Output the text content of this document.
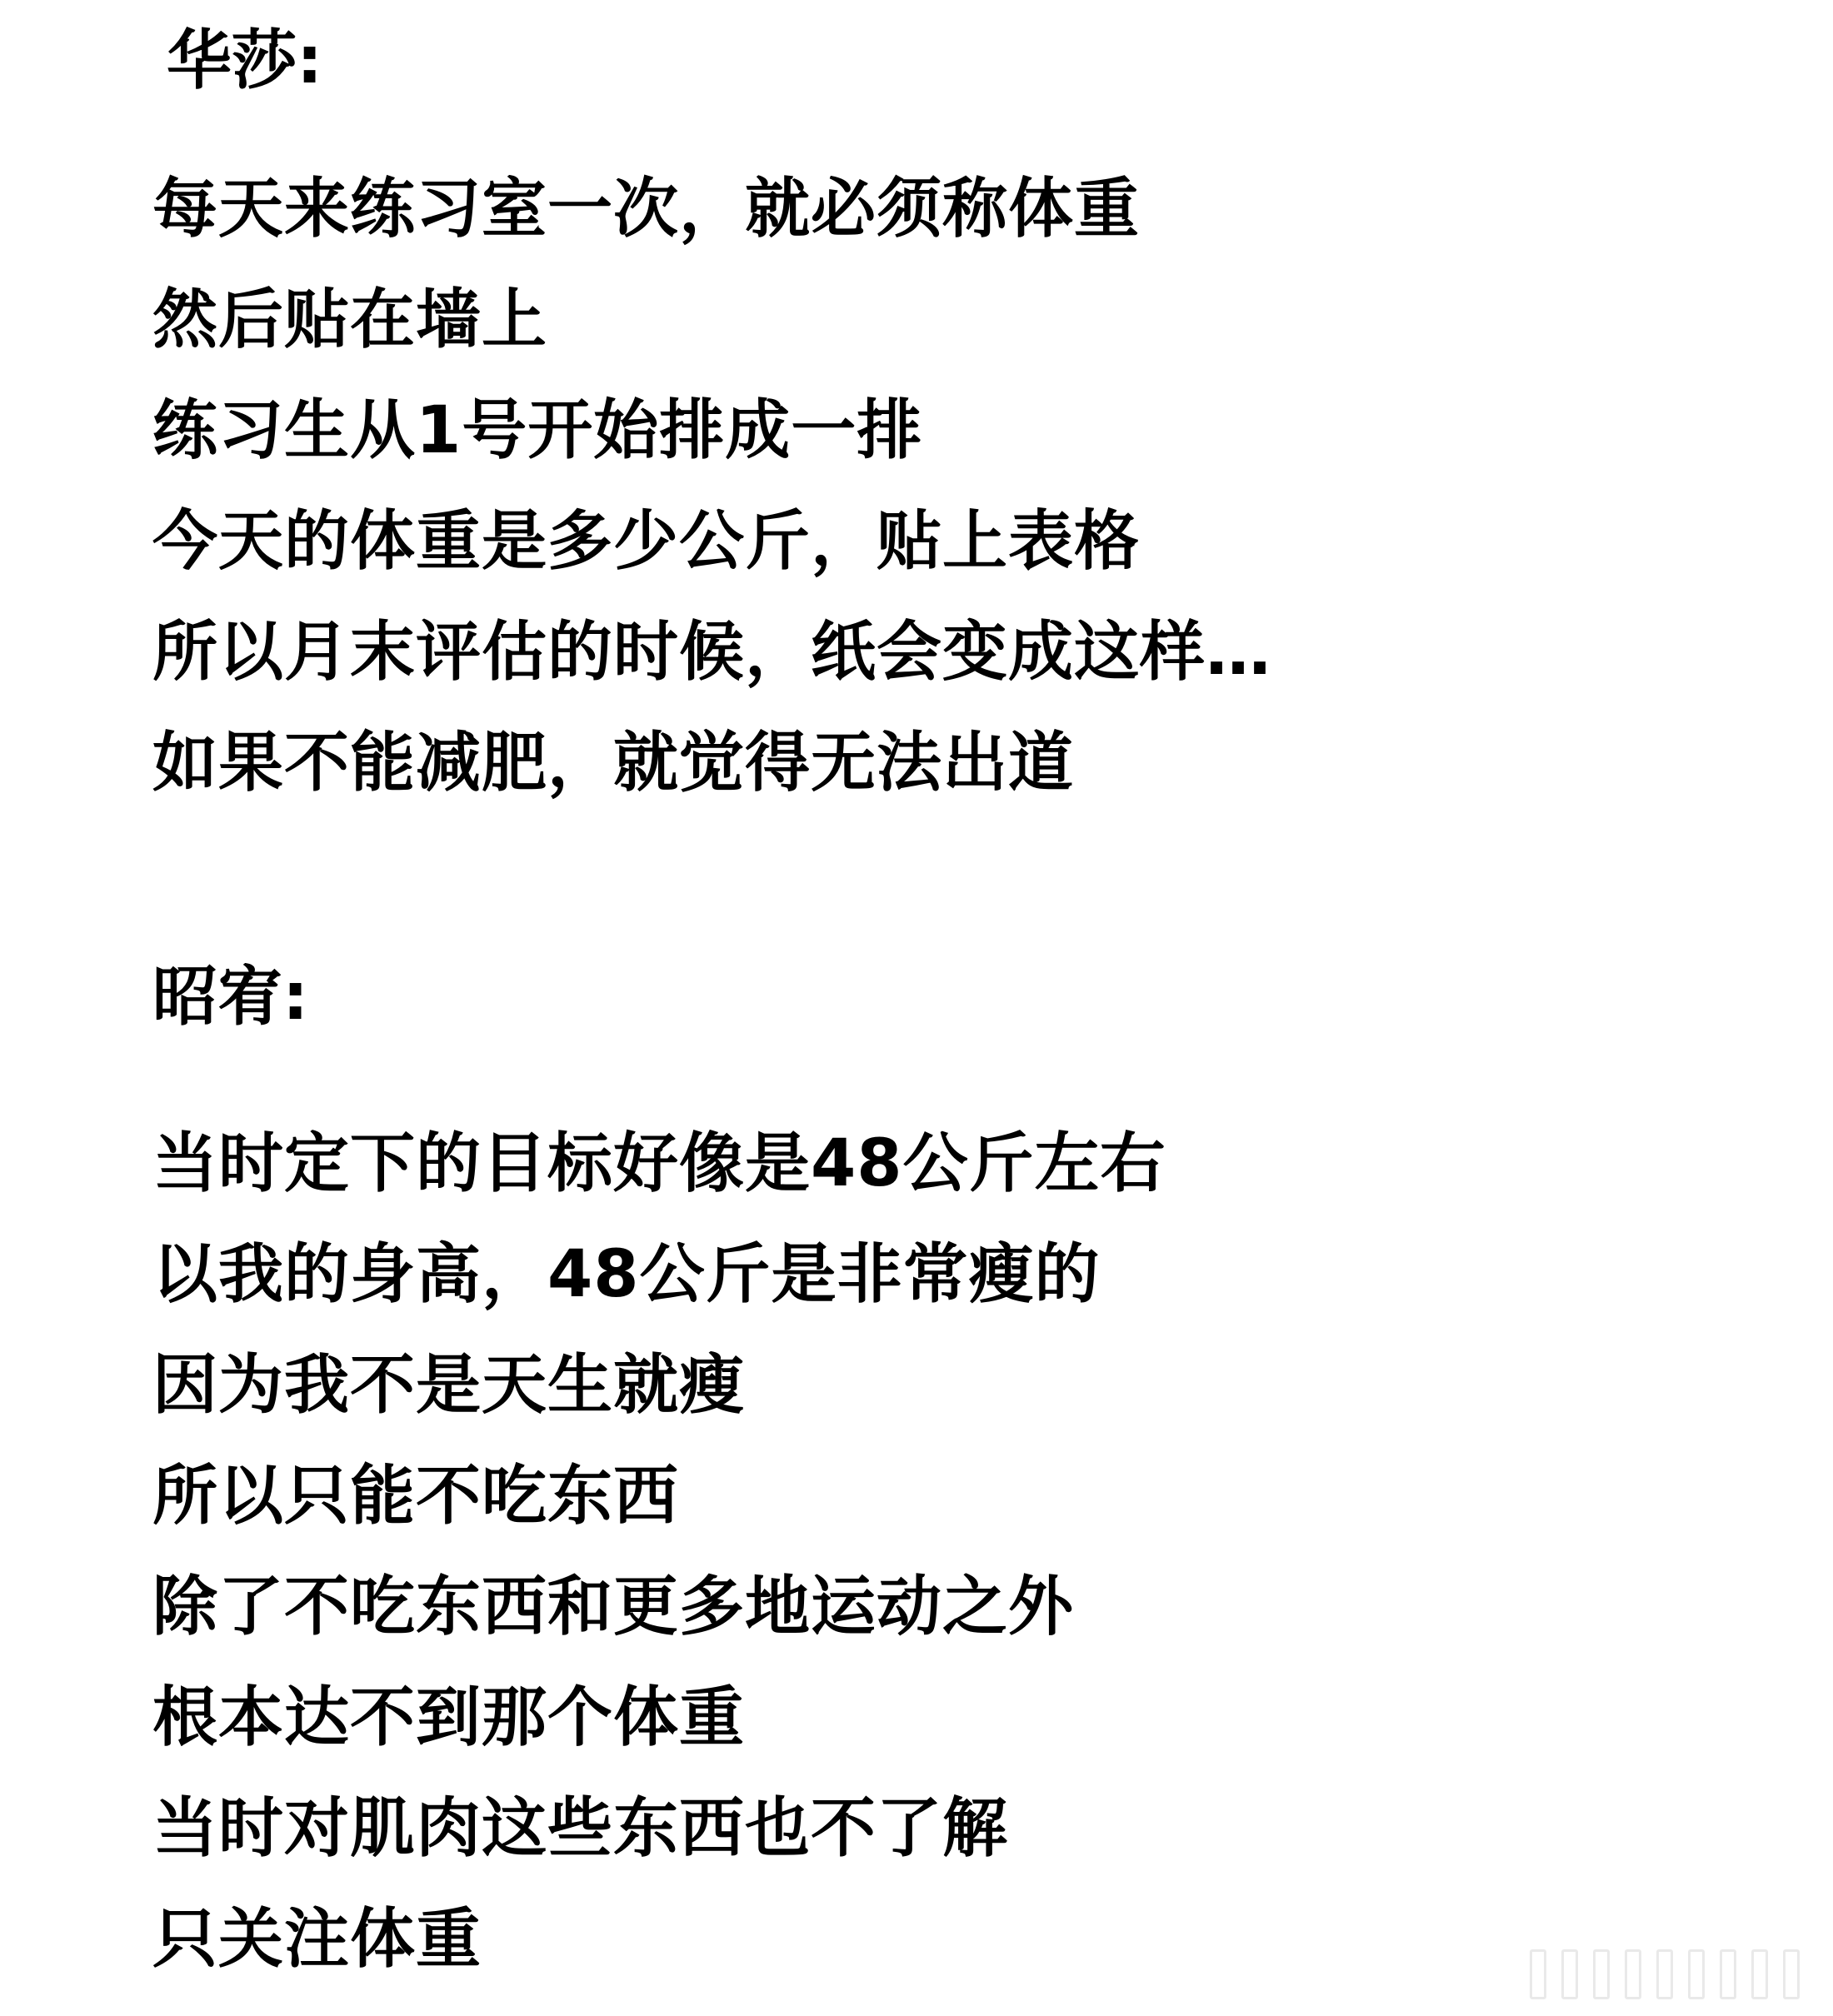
华莎:
每天来练习室一次，就必须称体重
然后贴在墙上
练习生从1号开始排成一排
今天的体重是多少公斤，贴上表格
所以月末评估的时候，纸会变成这样…
如果不能减肥，就觉得无法出道
昭宥:
当时定下的目标好像是48公斤左右
以我的身高，48公斤是非常瘦的
因为我不是天生就瘦
所以只能不吃东西
除了不吃东西和更多地运动之外
根本达不到那个体重
当时对肌肉这些东西也不了解
只关注体重
